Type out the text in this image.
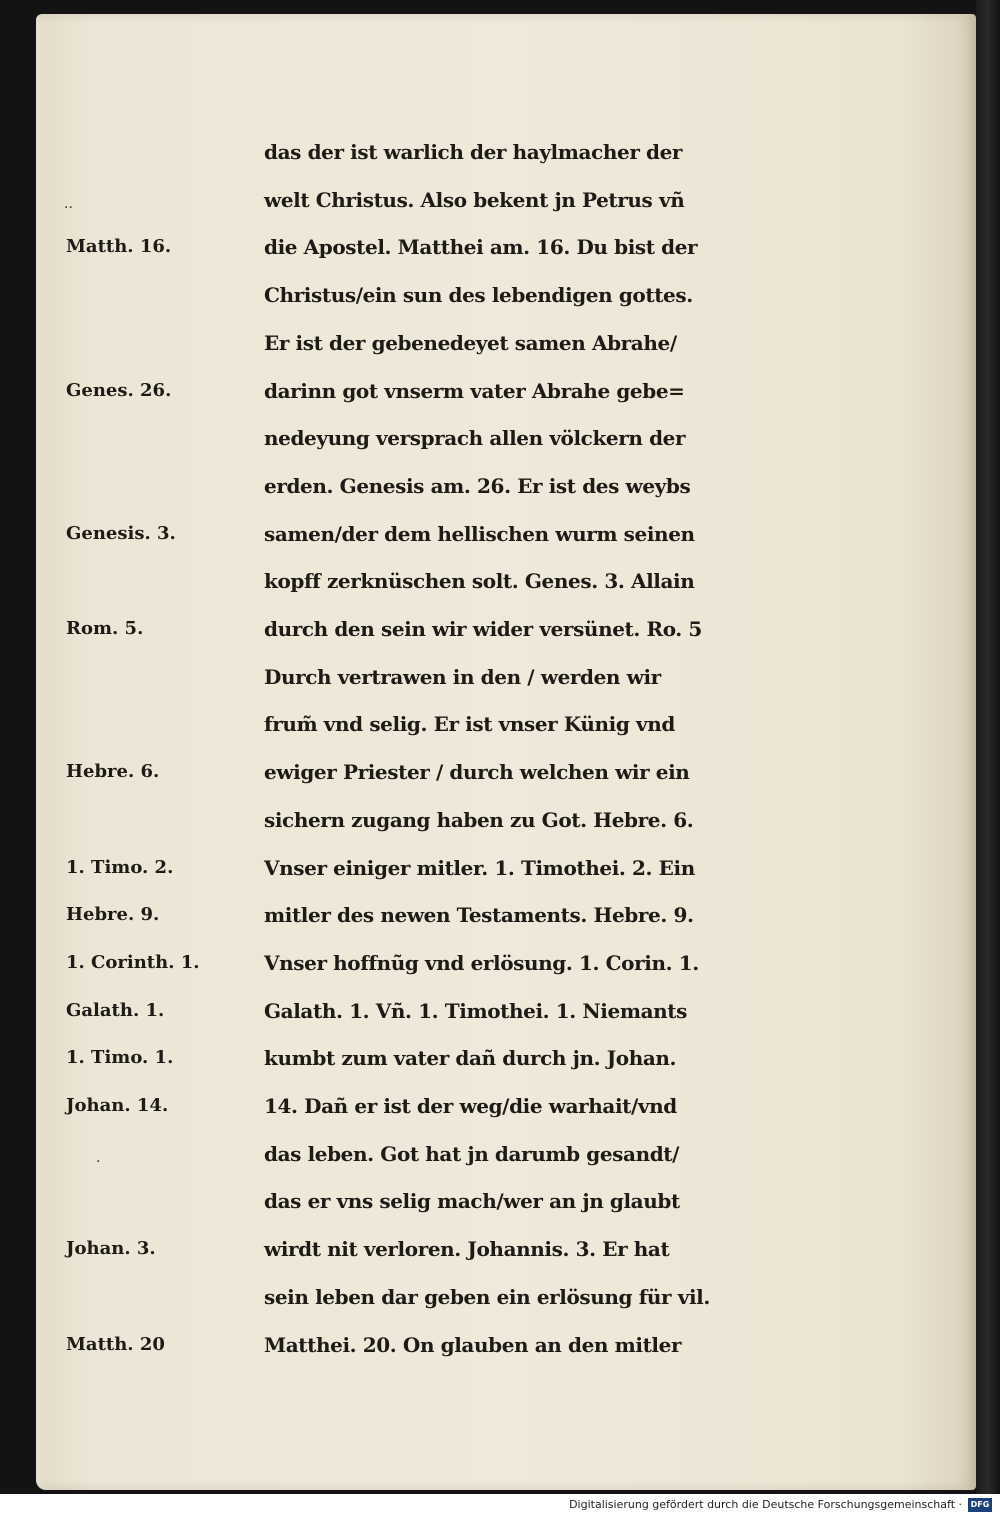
das der ist warlich der haylmacher der
welt Christus. Also bekent jn Petrus vñ
die Apostel. Matthei am. 16. Du bist der
Christus/ein sun des lebendigen gottes.
Er ist der gebenedeyet samen Abrahe/
darinn got vnserm vater Abrahe gebe=
nedeyung versprach allen völckern der
erden. Genesis am. 26. Er ist des weybs
samen/der dem hellischen wurm seinen
kopff zerknüschen solt. Genes. 3. Allain
durch den sein wir wider versünet. Ro. 5
Durch vertrawen in den / werden wir
frum̃ vnd selig. Er ist vnser Künig vnd
ewiger Priester / durch welchen wir ein
sichern zugang haben zu Got. Hebre. 6.
Vnser einiger mitler. 1. Timothei. 2. Ein
mitler des newen Testaments. Hebre. 9.
Vnser hoffnũg vnd erlösung. 1. Corin. 1.
Galath. 1. Vñ. 1. Timothei. 1. Niemants
kumbt zum vater dañ durch jn. Johan.
14. Dañ er ist der weg/die warhait/vnd
das leben. Got hat jn darumb gesandt/
das er vns selig mach/wer an jn glaubt
wirdt nit verloren. Johannis. 3. Er hat
sein leben dar geben ein erlösung für vil.
Matthei. 20. On glauben an den mitler
Matth. 16.
Genes. 26.
Genesis. 3.
Rom. 5.
Hebre. 6.
1. Timo. 2.
Hebre. 9.
1. Corinth. 1.
Galath. 1.
1. Timo. 1.
Johan. 14.
Johan. 3.
Matth. 20
··
·
Digitalisierung gefördert durch die Deutsche Forschungsgemeinschaft ·	DFG
